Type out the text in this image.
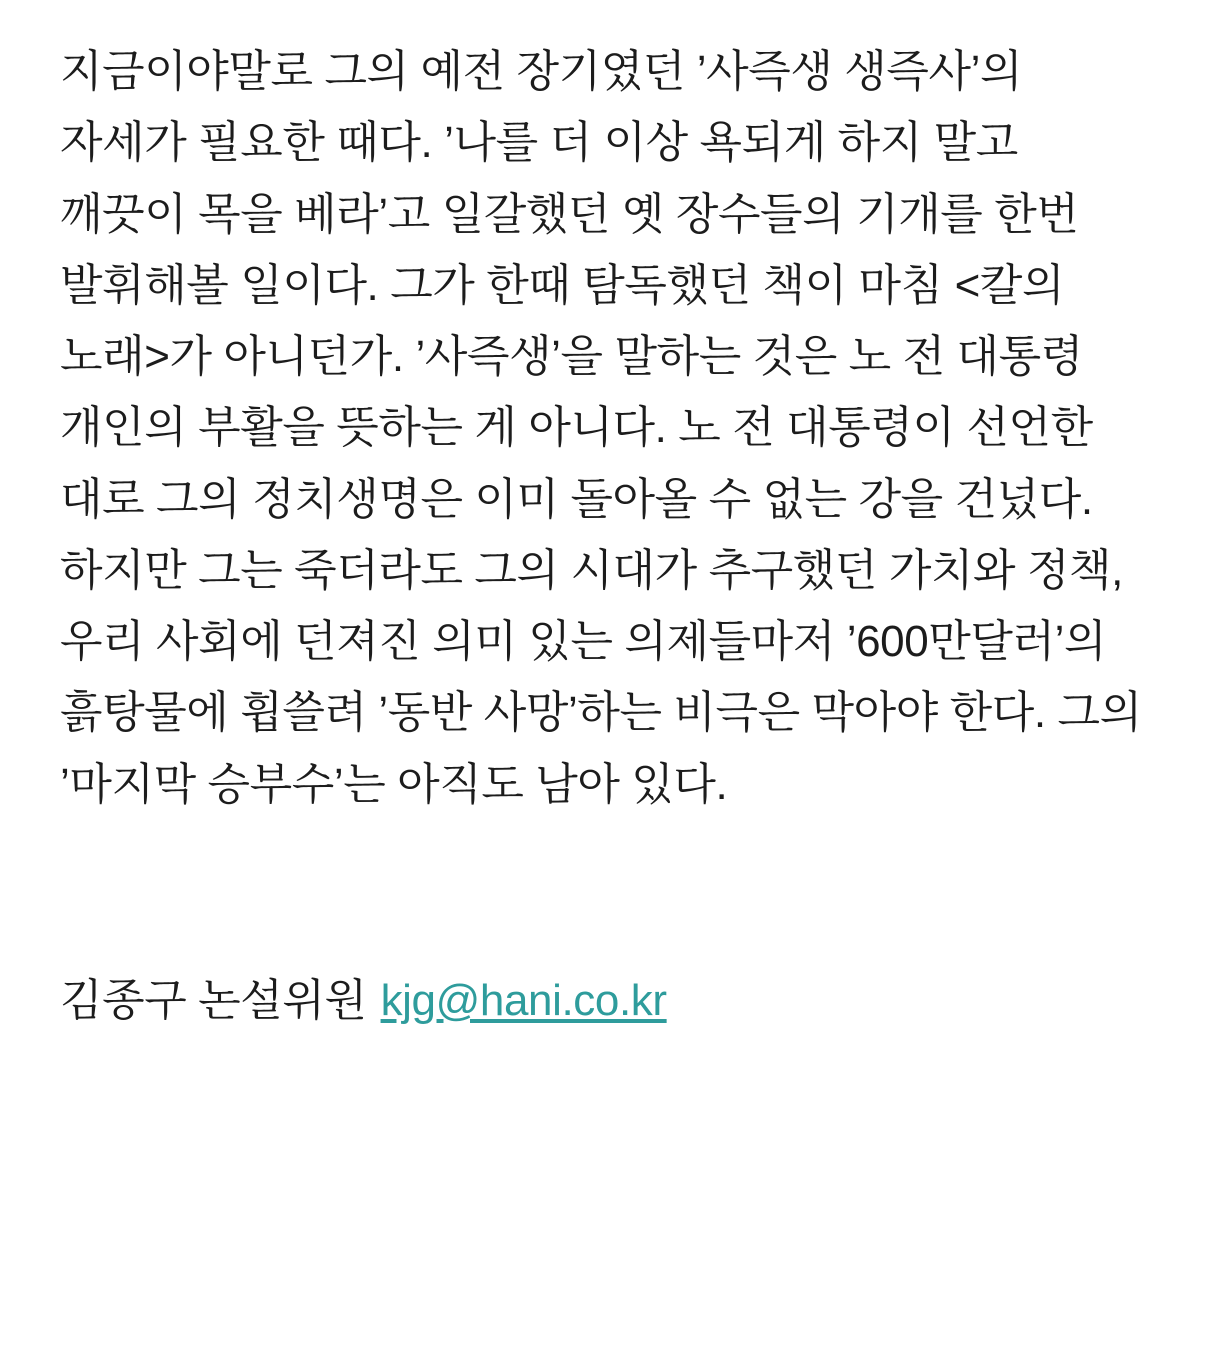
지금이야말로 그의 예전 장기였던 ’사즉생 생즉사’의 자세가 필요한 때다. ’나를 더 이상 욕되게 하지 말고 깨끗이 목을 베라’고 일갈했던 옛 장수들의 기개를 한번 발휘해볼 일이다. 그가 한때 탐독했던 책이 마침 <칼의 노래>가 아니던가. ’사즉생’을 말하는 것은 노 전 대통령 개인의 부활을 뜻하는 게 아니다. 노 전 대통령이 선언한 대로 그의 정치생명은 이미 돌아올 수 없는 강을 건넜다. 하지만 그는 죽더라도 그의 시대가 추구했던 가치와 정책, 우리 사회에 던져진 의미 있는 의제들마저 ’600만달러’의 흙탕물에 휩쓸려 ’동반 사망’하는 비극은 막아야 한다. 그의 ’마지막 승부수’는 아직도 남아 있다.

김종구 논설위원 kjg@hani.co.kr
